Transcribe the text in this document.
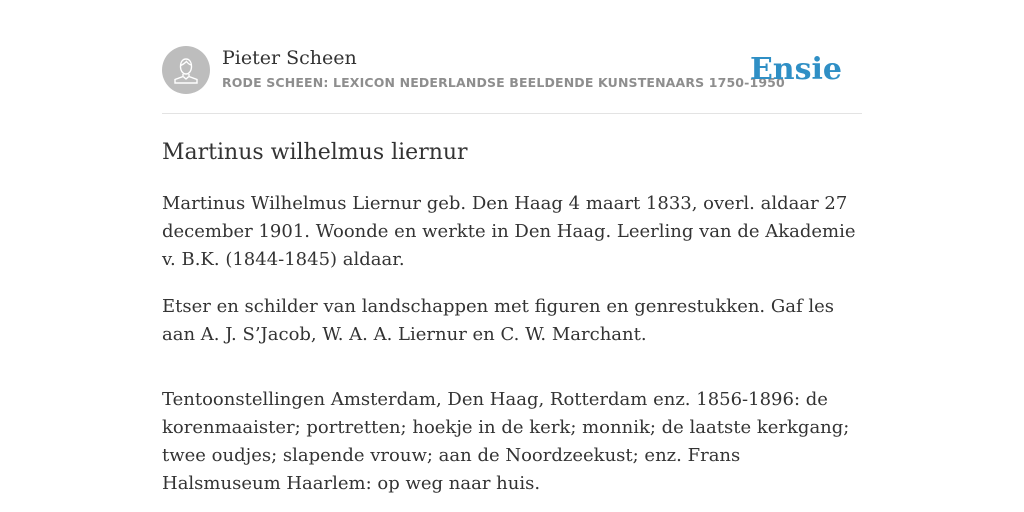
Pieter Scheen
RODE SCHEEN: LEXICON NEDERLANDSE BEELDENDE KUNSTENAARS 1750-1950
Ensie
Martinus wilhelmus liernur

Martinus Wilhelmus Liernur geb. Den Haag 4 maart 1833, overl. aldaar 27 december 1901. Woonde en werkte in Den Haag. Leerling van de Akademie v. B.K. (1844-1845) aldaar.

Etser en schilder van landschappen met figuren en genrestukken. Gaf les aan A. J. S’Jacob, W. A. A. Liernur en C. W. Marchant.

Tentoonstellingen Amsterdam, Den Haag, Rotterdam enz. 1856-1896: de korenmaaister; portretten; hoekje in de kerk; monnik; de laatste kerkgang; twee oudjes; slapende vrouw; aan de Noordzeekust; enz. Frans Halsmuseum Haarlem: op weg naar huis.
